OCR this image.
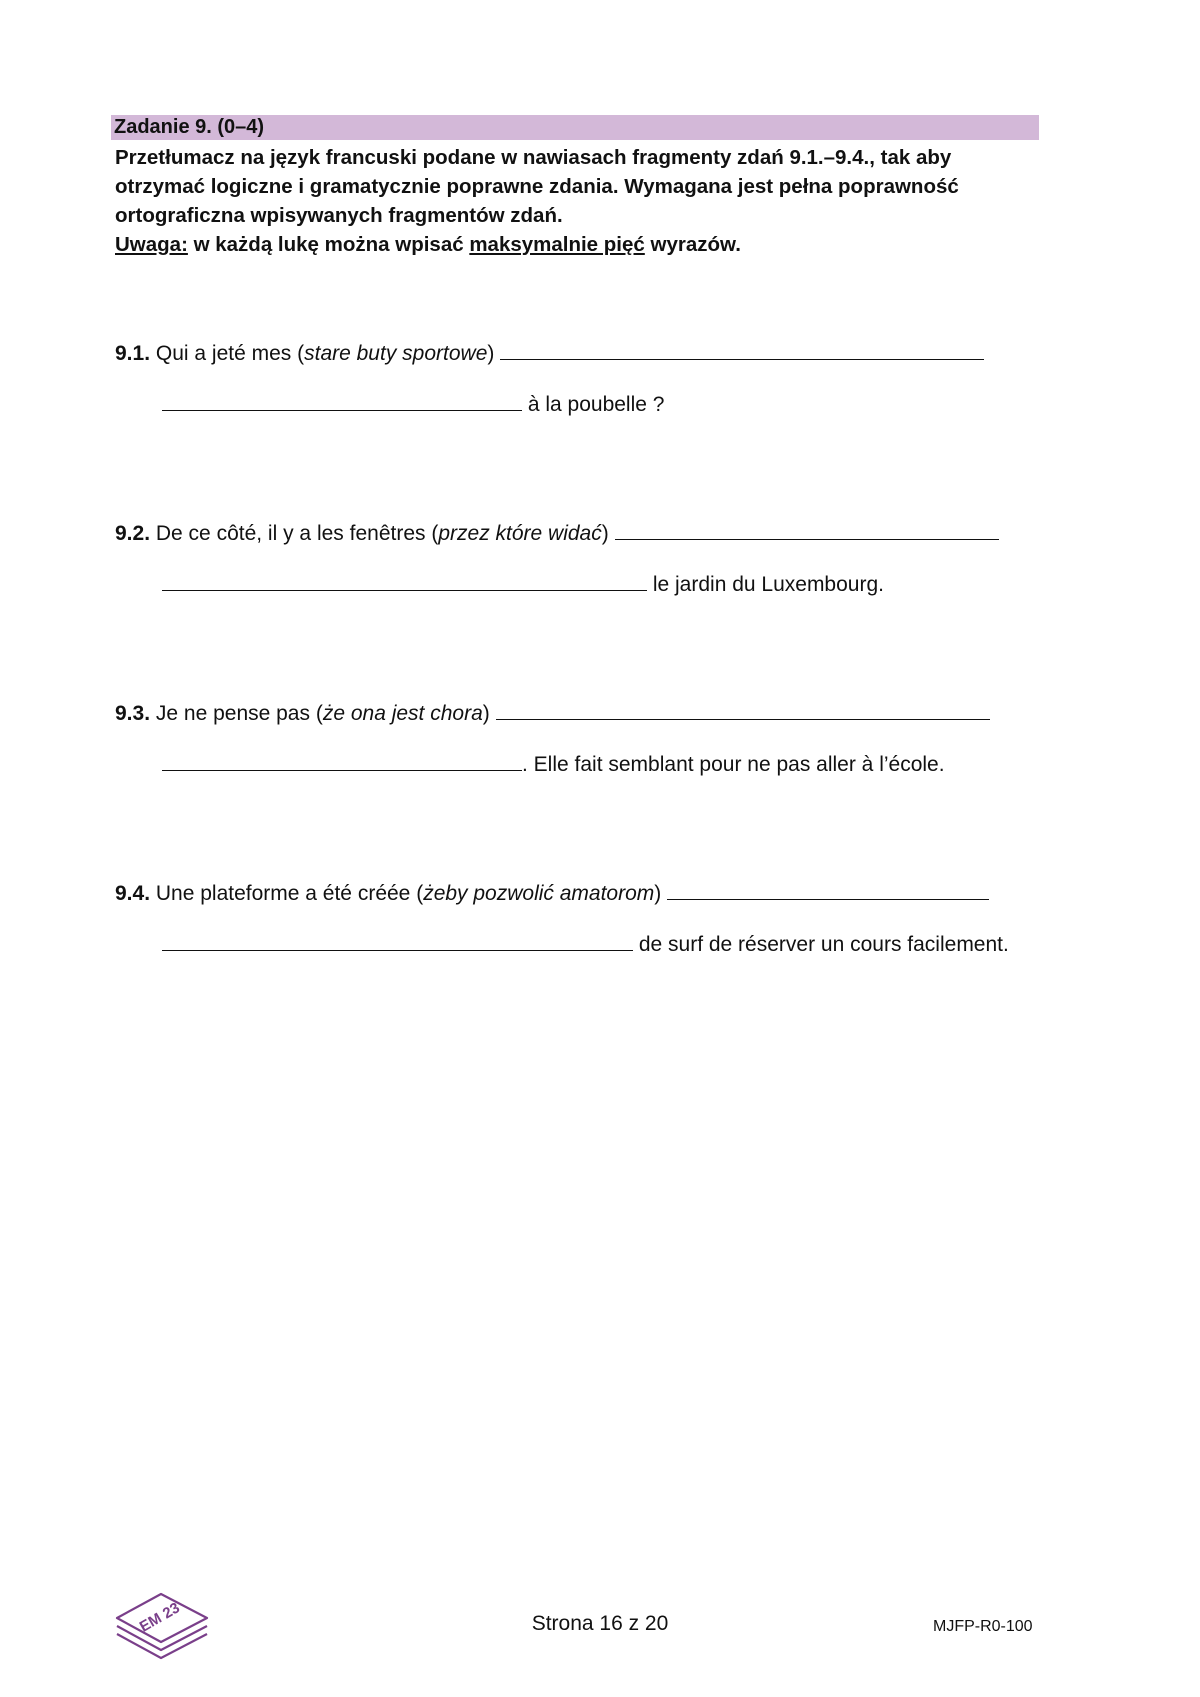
Zadanie 9. (0–4)

Przetłumacz na język francuski podane w nawiasach fragmenty zdań 9.1.–9.4., tak aby

otrzymać logiczne i gramatycznie poprawne zdania. Wymagana jest pełna poprawność

ortograficzna wpisywanych fragmentów zdań.

Uwaga: w każdą lukę można wpisać maksymalnie pięć wyrazów.

9.1. Qui a jeté mes (stare buty sportowe)
à la poubelle ?
9.2. De ce côté, il y a les fenêtres (przez które widać)
le jardin du Luxembourg.
9.3. Je ne pense pas (że ona jest chora)
. Elle fait semblant pour ne pas aller à l’école.
9.4. Une plateforme a été créée (żeby pozwolić amatorom)
de surf de réserver un cours facilement.
EM 23	Strona 16 z 20	MJFP-R0-100
